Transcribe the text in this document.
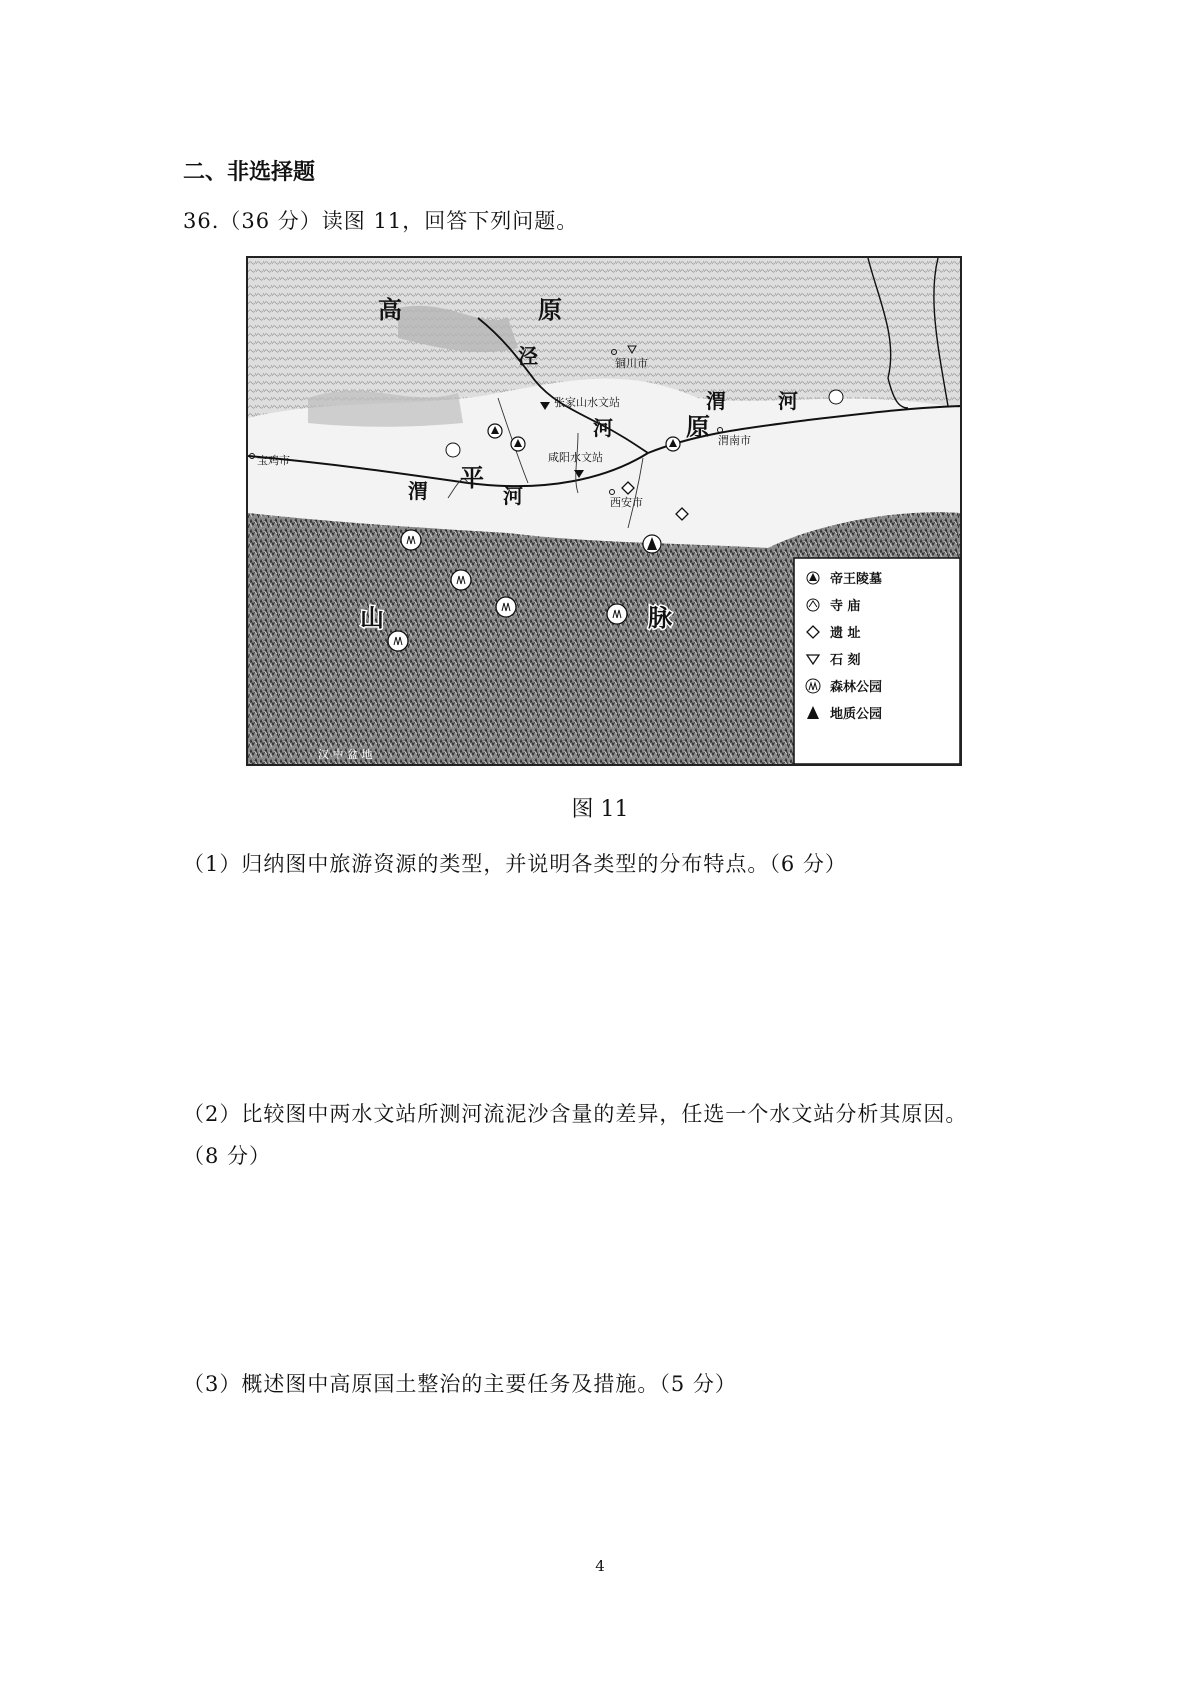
二、非选择题
36.（36 分）读图 11，回答下列问题。
高	原
泾
河	原
渭	河
渭 平
河
山	脉
铜川市
张家山水文站
咸阳水文站
宝鸡市
西安市
渭南市
汉 中 盆 地
帝王陵墓
寺 庙
遗 址
石 刻
森林公园
地质公园
图 11
（1）归纳图中旅游资源的类型，并说明各类型的分布特点。（6 分）
（2）比较图中两水文站所测河流泥沙含量的差异，任选一个水文站分析其原因。
（8 分）
（3）概述图中高原国土整治的主要任务及措施。（5 分）
4
